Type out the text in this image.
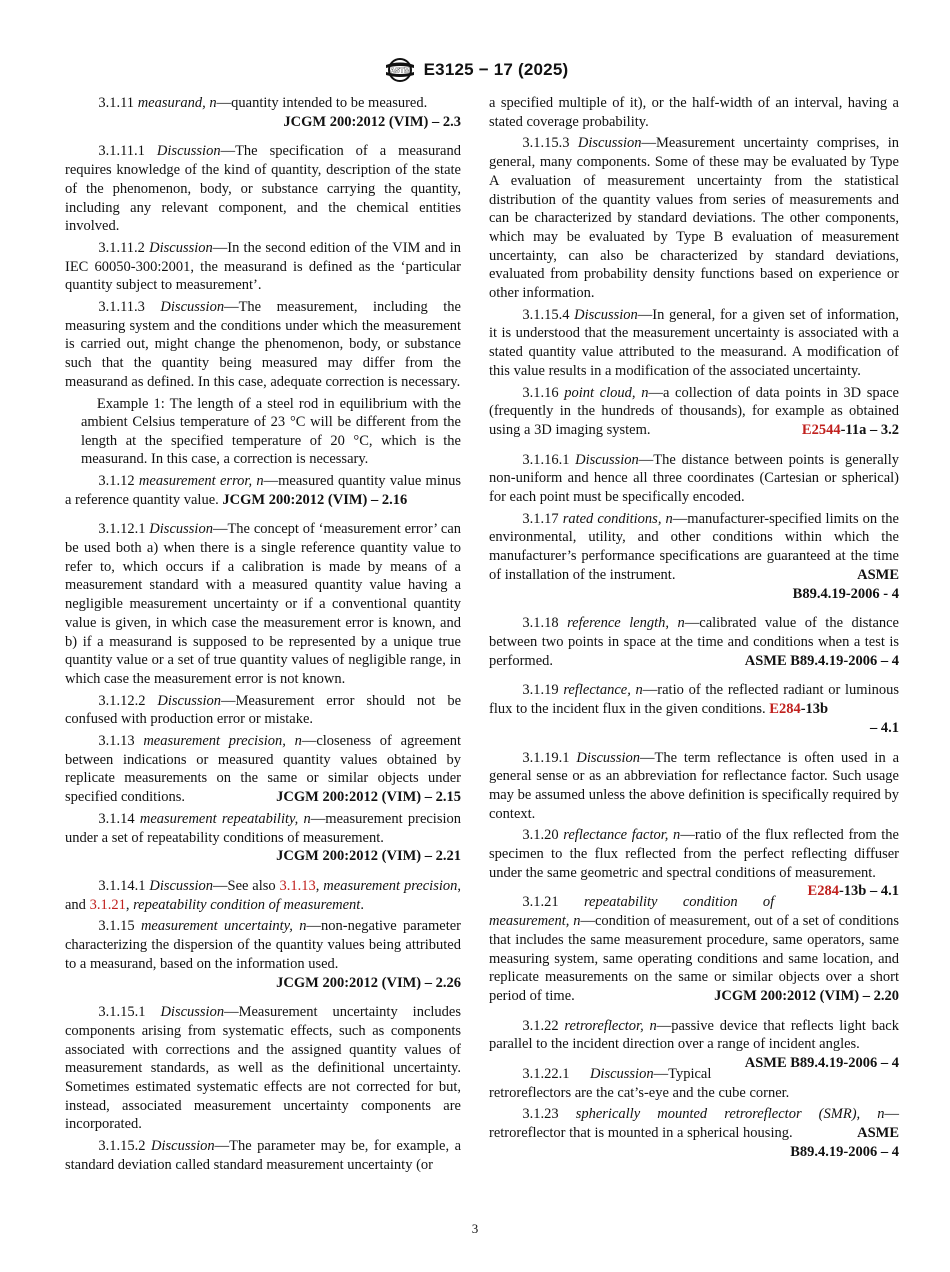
ASTM E3125 − 17 (2025)

3.1.11 measurand, n—quantity intended to be measured.
JCGM 200:2012 (VIM) – 2.3

3.1.11.1 Discussion—The specification of a measurand requires knowledge of the kind of quantity, description of the state of the phenomenon, body, or substance carrying the quantity, including any relevant component, and the chemical entities involved.

3.1.11.2 Discussion—In the second edition of the VIM and in IEC 60050-300:2001, the measurand is defined as the ‘particular quantity subject to measurement’.

3.1.11.3 Discussion—The measurement, including the measuring system and the conditions under which the measurement is carried out, might change the phenomenon, body, or substance such that the quantity being measured may differ from the measurand as defined. In this case, adequate correction is necessary.

Example 1: The length of a steel rod in equilibrium with the ambient Celsius temperature of 23 °C will be different from the length at the specified temperature of 20 °C, which is the measurand. In this case, a correction is necessary.

3.1.12 measurement error, n—measured quantity value minus a reference quantity value. JCGM 200:2012 (VIM) – 2.16

3.1.12.1 Discussion—The concept of ‘measurement error’ can be used both a) when there is a single reference quantity value to refer to, which occurs if a calibration is made by means of a measurement standard with a measured quantity value having a negligible measurement uncertainty or if a conventional quantity value is given, in which case the measurement error is known, and b) if a measurand is supposed to be represented by a unique true quantity value or a set of true quantity values of negligible range, in which case the measurement error is not known.

3.1.12.2 Discussion—Measurement error should not be confused with production error or mistake.

3.1.13 measurement precision, n—closeness of agreement between indications or measured quantity values obtained by replicate measurements on the same or similar objects under specified conditions.	JCGM 200:2012 (VIM) – 2.15

3.1.14 measurement repeatability, n—measurement precision under a set of repeatability conditions of measurement.
JCGM 200:2012 (VIM) – 2.21

3.1.14.1 Discussion—See also 3.1.13, measurement precision, and 3.1.21, repeatability condition of measurement.

3.1.15 measurement uncertainty, n—non-negative parameter characterizing the dispersion of the quantity values being attributed to a measurand, based on the information used.
JCGM 200:2012 (VIM) – 2.26

3.1.15.1 Discussion—Measurement uncertainty includes components arising from systematic effects, such as components associated with corrections and the assigned quantity values of measurement standards, as well as the definitional uncertainty. Sometimes estimated systematic effects are not corrected for but, instead, associated measurement uncertainty components are incorporated.

3.1.15.2 Discussion—The parameter may be, for example, a standard deviation called standard measurement uncertainty (or

a specified multiple of it), or the half-width of an interval, having a stated coverage probability.

3.1.15.3 Discussion—Measurement uncertainty comprises, in general, many components. Some of these may be evaluated by Type A evaluation of measurement uncertainty from the statistical distribution of the quantity values from series of measurements and can be characterized by standard deviations. The other components, which may be evaluated by Type B evaluation of measurement uncertainty, can also be characterized by standard deviations, evaluated from probability density functions based on experience or other information.

3.1.15.4 Discussion—In general, for a given set of information, it is understood that the measurement uncertainty is associated with a stated quantity value attributed to the measurand. A modification of this value results in a modification of the associated uncertainty.

3.1.16 point cloud, n—a collection of data points in 3D space (frequently in the hundreds of thousands), for example as obtained using a 3D imaging system.	E2544-11a – 3.2

3.1.16.1 Discussion—The distance between points is generally non-uniform and hence all three coordinates (Cartesian or spherical) for each point must be specifically encoded.

3.1.17 rated conditions, n—manufacturer-specified limits on the environmental, utility, and other conditions within which the manufacturer’s performance specifications are guaranteed at the time of installation of the instrument.	ASME
B89.4.19-2006 - 4

3.1.18 reference length, n—calibrated value of the distance between two points in space at the time and conditions when a test is performed.	ASME B89.4.19-2006 – 4

3.1.19 reflectance, n—ratio of the reflected radiant or luminous flux to the incident flux in the given conditions. E284-13b
– 4.1

3.1.19.1 Discussion—The term reflectance is often used in a general sense or as an abbreviation for reflectance factor. Such usage may be assumed unless the above definition is specifically required by context.

3.1.20 reflectance factor, n—ratio of the flux reflected from the specimen to the flux reflected from the perfect reflecting diffuser under the same geometric and spectral conditions of measurement.
E284-13b – 4.1

3.1.21 repeatability condition of measurement, n—condition of measurement, out of a set of conditions that includes the same measurement procedure, same operators, same measuring system, same operating conditions and same location, and replicate measurements on the same or similar objects over a short period of time.	JCGM 200:2012 (VIM) – 2.20

3.1.22 retroreflector, n—passive device that reflects light back parallel to the incident direction over a range of incident angles.
ASME B89.4.19-2006 – 4

3.1.22.1 Discussion—Typical retroreflectors are the cat’s-eye and the cube corner.

3.1.23 spherically mounted retroreflector (SMR), n—retroreflector that is mounted in a spherical housing.	ASME
B89.4.19-2006 – 4

3
